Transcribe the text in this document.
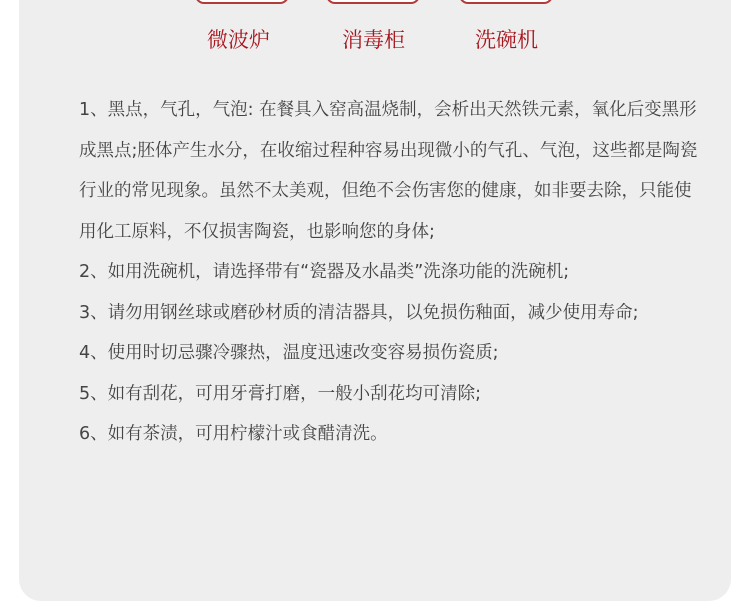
微波炉	消毒柜	洗碗机
1、黑点，气孔，气泡: 在餐具入窑高温烧制，会析出天然铁元素，氧化后变黑形成黑点;胚体产生水分，在收缩过程种容易出现微小的气孔、气泡，这些都是陶瓷行业的常见现象。虽然不太美观，但绝不会伤害您的健康，如非要去除，只能使用化工原料，不仅损害陶瓷，也影响您的身体;
2、如用洗碗机，请选择带有“瓷器及水晶类”洗涤功能的洗碗机;
3、请勿用钢丝球或磨砂材质的清洁器具，以免损伤釉面，减少使用寿命;
4、使用时切忌骤冷骤热，温度迅速改变容易损伤瓷质;
5、如有刮花，可用牙膏打磨，一般小刮花均可清除;
6、如有茶渍，可用柠檬汁或食醋清洗。
